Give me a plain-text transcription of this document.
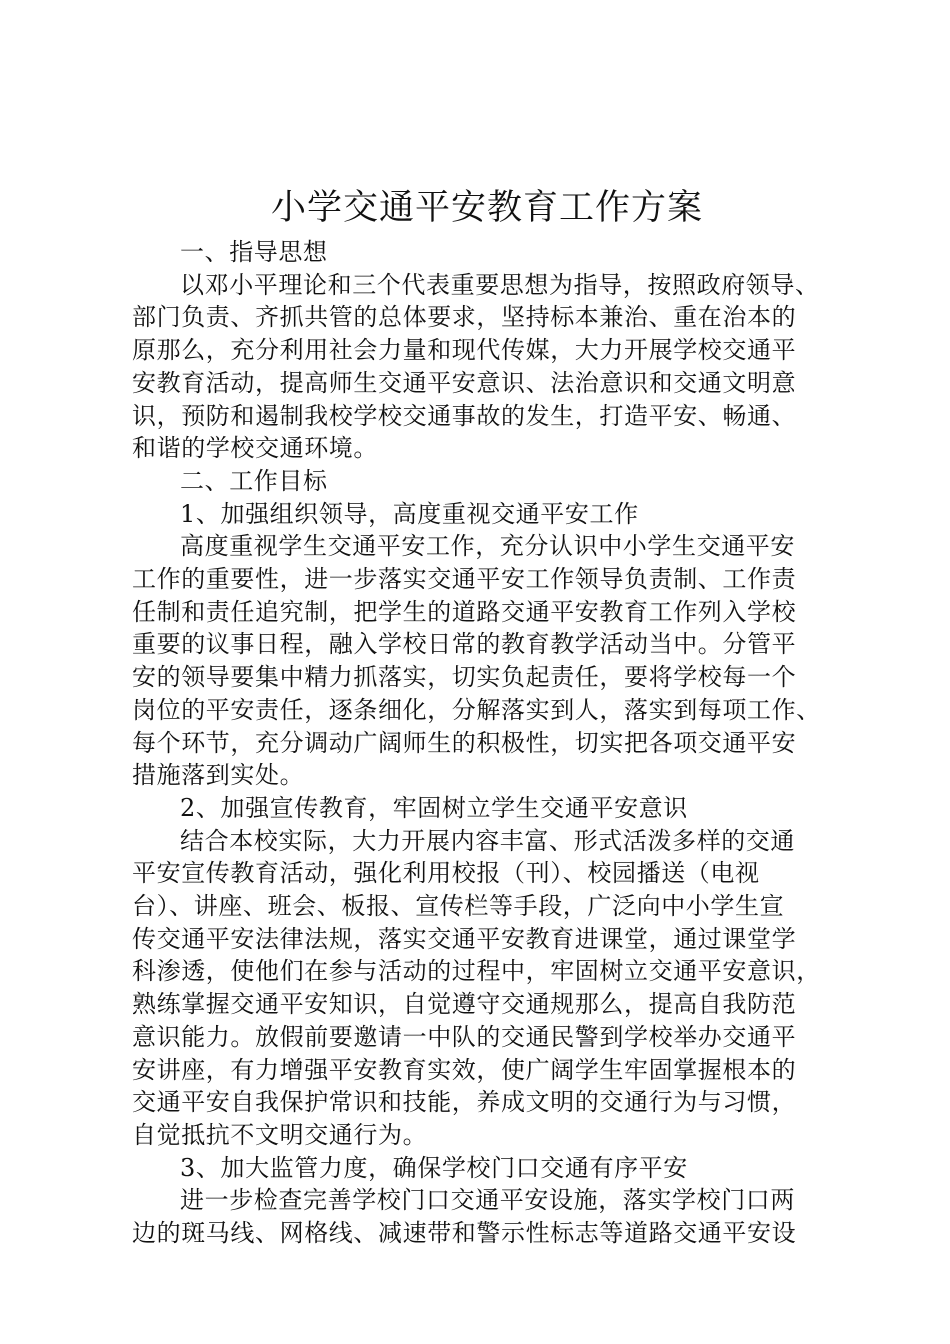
小学交通平安教育工作方案

一、指导思想

以邓小平理论和三个代表重要思想为指导，按照政府领导、

部门负责、齐抓共管的总体要求，坚持标本兼治、重在治本的

原那么，充分利用社会力量和现代传媒，大力开展学校交通平

安教育活动，提高师生交通平安意识、法治意识和交通文明意

识，预防和遏制我校学校交通事故的发生，打造平安、畅通、

和谐的学校交通环境。

二、工作目标

1、加强组织领导，高度重视交通平安工作

高度重视学生交通平安工作，充分认识中小学生交通平安

工作的重要性，进一步落实交通平安工作领导负责制、工作责

任制和责任追究制，把学生的道路交通平安教育工作列入学校

重要的议事日程，融入学校日常的教育教学活动当中。分管平

安的领导要集中精力抓落实，切实负起责任，要将学校每一个

岗位的平安责任，逐条细化，分解落实到人，落实到每项工作、

每个环节，充分调动广阔师生的积极性，切实把各项交通平安

措施落到实处。

2、加强宣传教育，牢固树立学生交通平安意识

结合本校实际，大力开展内容丰富、形式活泼多样的交通

平安宣传教育活动，强化利用校报（刊）、校园播送（电视

台）、讲座、班会、板报、宣传栏等手段，广泛向中小学生宣

传交通平安法律法规，落实交通平安教育进课堂，通过课堂学

科渗透，使他们在参与活动的过程中，牢固树立交通平安意识，

熟练掌握交通平安知识，自觉遵守交通规那么，提高自我防范

意识能力。放假前要邀请一中队的交通民警到学校举办交通平

安讲座，有力增强平安教育实效，使广阔学生牢固掌握根本的

交通平安自我保护常识和技能，养成文明的交通行为与习惯，

自觉抵抗不文明交通行为。

3、加大监管力度，确保学校门口交通有序平安

进一步检查完善学校门口交通平安设施，落实学校门口两

边的斑马线、网格线、减速带和警示性标志等道路交通平安设
